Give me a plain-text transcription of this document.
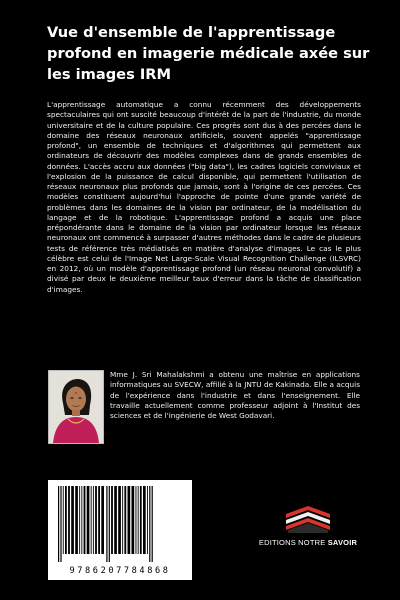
Vue d'ensemble de l'apprentissage profond en imagerie médicale axée sur les images IRM

L'apprentissage automatique a connu récemment des développements spectaculaires qui ont suscité beaucoup d'intérêt de la part de l'industrie, du monde universitaire et de la culture populaire. Ces progrès sont dus à des percées dans le domaine des réseaux neuronaux artificiels, souvent appelés "apprentissage profond", un ensemble de techniques et d'algorithmes qui permettent aux ordinateurs de découvrir des modèles complexes dans de grands ensembles de données. L'accès accru aux données ("big data"), les cadres logiciels conviviaux et l'explosion de la puissance de calcul disponible, qui permettent l'utilisation de réseaux neuronaux plus profonds que jamais, sont à l'origine de ces percées. Ces modèles constituent aujourd'hui l'approche de pointe d'une grande variété de problèmes dans les domaines de la vision par ordinateur, de la modélisation du langage et de la robotique. L'apprentissage profond a acquis une place prépondérante dans le domaine de la vision par ordinateur lorsque les réseaux neuronaux ont commencé à surpasser d'autres méthodes dans le cadre de plusieurs tests de référence très médiatisés en matière d'analyse d'images. Le cas le plus célèbre est celui de l'Image Net Large-Scale Visual Recognition Challenge (ILSVRC) en 2012, où un modèle d'apprentissage profond (un réseau neuronal convolutif) a divisé par deux le deuxième meilleur taux d'erreur dans la tâche de classification d'images.

Mme J. Sri Mahalakshmi a obtenu une maîtrise en applications informatiques au SVECW, affilié à la JNTU de Kakinada. Elle a acquis de l'expérience dans l'industrie et dans l'enseignement. Elle travaille actuellement comme professeur adjoint à l'Institut des sciences et de l'ingénierie de West Godavari.

9786207784868
EDITIONS NOTRE SAVOIR
